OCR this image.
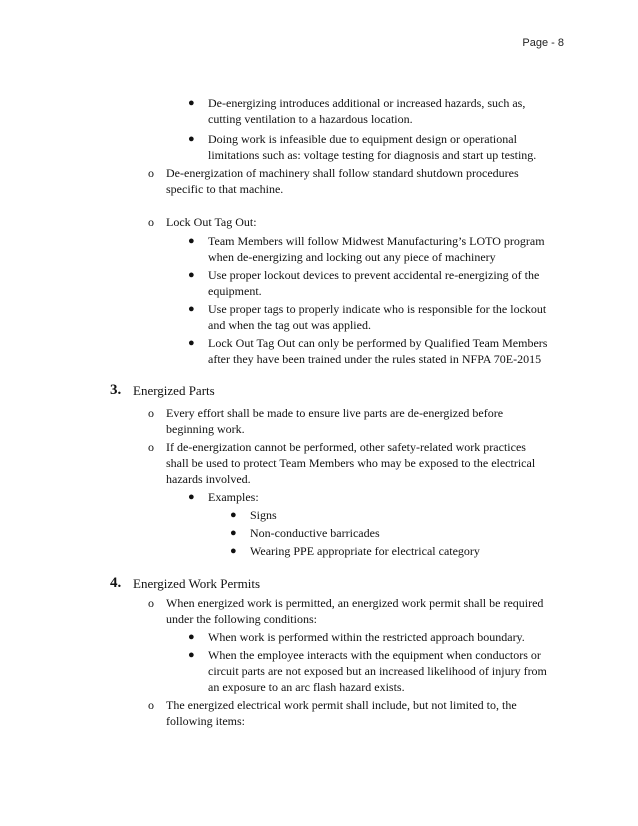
Page - 8
● De-energizing introduces additional or increased hazards, such as,
cutting ventilation to a hazardous location.
● Doing work is infeasible due to equipment design or operational
limitations such as: voltage testing for diagnosis and start up testing.
o De-energization of machinery shall follow standard shutdown procedures
specific to that machine.
o Lock Out Tag Out:
● Team Members will follow Midwest Manufacturing’s LOTO program
when de-energizing and locking out any piece of machinery
● Use proper lockout devices to prevent accidental re-energizing of the
equipment.
● Use proper tags to properly indicate who is responsible for the lockout
and when the tag out was applied.
● Lock Out Tag Out can only be performed by Qualified Team Members
after they have been trained under the rules stated in NFPA 70E-2015
3. Energized Parts
o Every effort shall be made to ensure live parts are de-energized before
beginning work.
o If de-energization cannot be performed, other safety-related work practices
shall be used to protect Team Members who may be exposed to the electrical
hazards involved.
● Examples:
● Signs
● Non-conductive barricades
● Wearing PPE appropriate for electrical category
4. Energized Work Permits
o When energized work is permitted, an energized work permit shall be required
under the following conditions:
● When work is performed within the restricted approach boundary.
● When the employee interacts with the equipment when conductors or
circuit parts are not exposed but an increased likelihood of injury from
an exposure to an arc flash hazard exists.
o The energized electrical work permit shall include, but not limited to, the
following items:
